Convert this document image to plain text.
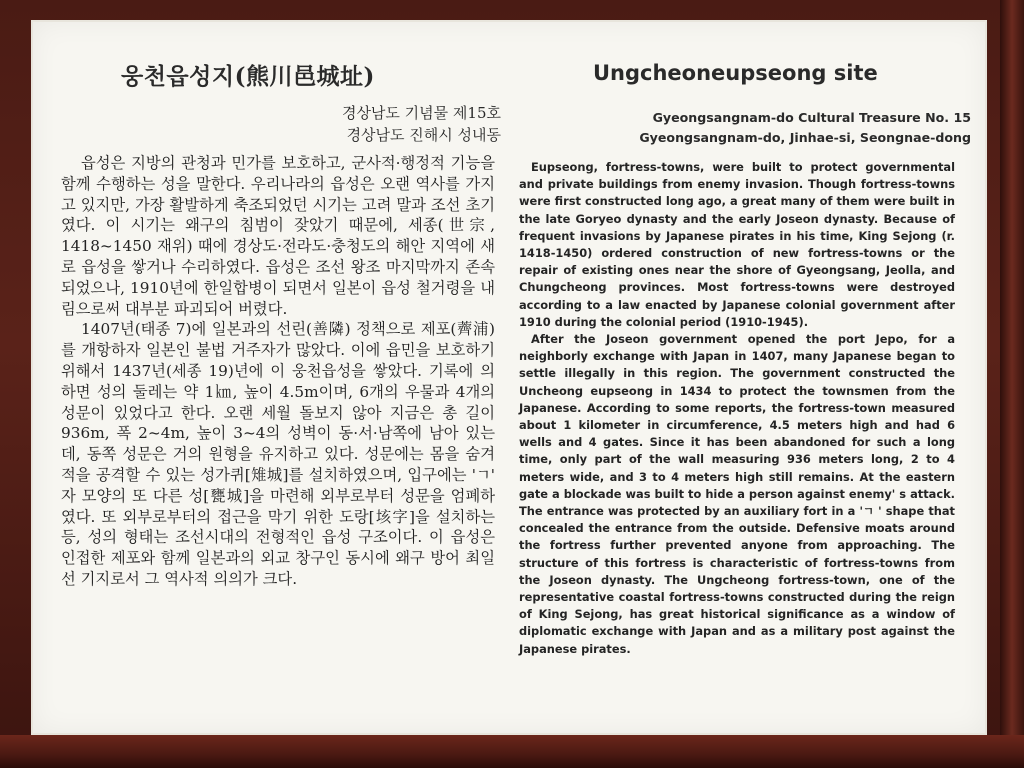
웅천읍성지(熊川邑城址)
경상남도 기념물 제15호
경상남도 진해시 성내동

읍성은 지방의 관청과 민가를 보호하고, 군사적·행정적 기능을 함께 수행하는 성을 말한다. 우리나라의 읍성은 오랜 역사를 가지고 있지만, 가장 활발하게 축조되었던 시기는 고려 말과 조선 초기였다. 이 시기는 왜구의 침범이 잦았기 때문에, 세종(世宗, 1418~1450 재위) 때에 경상도·전라도·충청도의 해안 지역에 새로 읍성을 쌓거나 수리하였다. 읍성은 조선 왕조 마지막까지 존속되었으나, 1910년에 한일합병이 되면서 일본이 읍성 철거령을 내림으로써 대부분 파괴되어 버렸다.

1407년(태종 7)에 일본과의 선린(善隣) 정책으로 제포(薺浦)를 개항하자 일본인 불법 거주자가 많았다. 이에 읍민을 보호하기 위해서 1437년(세종 19)년에 이 웅천읍성을 쌓았다. 기록에 의하면 성의 둘레는 약 1㎞, 높이 4.5m이며, 6개의 우물과 4개의 성문이 있었다고 한다. 오랜 세월 돌보지 않아 지금은 총 길이 936m, 폭 2~4m, 높이 3~4의 성벽이 동·서·남쪽에 남아 있는데, 동쪽 성문은 거의 원형을 유지하고 있다. 성문에는 몸을 숨겨 적을 공격할 수 있는 성가퀴[雉城]를 설치하였으며, 입구에는 'ㄱ' 자 모양의 또 다른 성[甕城]을 마련해 외부로부터 성문을 엄폐하였다. 또 외부로부터의 접근을 막기 위한 도랑[垓字]을 설치하는 등, 성의 형태는 조선시대의 전형적인 읍성 구조이다. 이 읍성은 인접한 제포와 함께 일본과의 외교 창구인 동시에 왜구 방어 최일선 기지로서 그 역사적 의의가 크다.

Ungcheoneupseong site
Gyeongsangnam-do Cultural Treasure No. 15
Gyeongsangnam-do, Jinhae-si, Seongnae-dong

Eupseong, fortress-towns, were built to protect governmental and private buildings from enemy invasion. Though fortress-towns were first constructed long ago, a great many of them were built in the late Goryeo dynasty and the early Joseon dynasty. Because of frequent invasions by Japanese pirates in his time, King Sejong (r. 1418-1450) ordered construction of new fortress-towns or the repair of existing ones near the shore of Gyeongsang, Jeolla, and Chungcheong provinces. Most fortress-towns were destroyed according to a law enacted by Japanese colonial government after 1910 during the colonial period (1910-1945).

After the Joseon government opened the port Jepo, for a neighborly exchange with Japan in 1407, many Japanese began to settle illegally in this region. The government constructed the Uncheong eupseong in 1434 to protect the townsmen from the Japanese. According to some reports, the fortress-town measured about 1 kilometer in circumference, 4.5 meters high and had 6 wells and 4 gates. Since it has been abandoned for such a long time, only part of the wall measuring 936 meters long, 2 to 4 meters wide, and 3 to 4 meters high still remains. At the eastern gate a blockade was built to hide a person against enemy' s attack. The entrance was protected by an auxiliary fort in a 'ㄱ ' shape that concealed the entrance from the outside. Defensive moats around the fortress further prevented anyone from approaching. The structure of this fortress is characteristic of fortress-towns from the Joseon dynasty. The Ungcheong fortress-town, one of the representative coastal fortress-towns constructed during the reign of King Sejong, has great historical significance as a window of diplomatic exchange with Japan and as a military post against the Japanese pirates.
